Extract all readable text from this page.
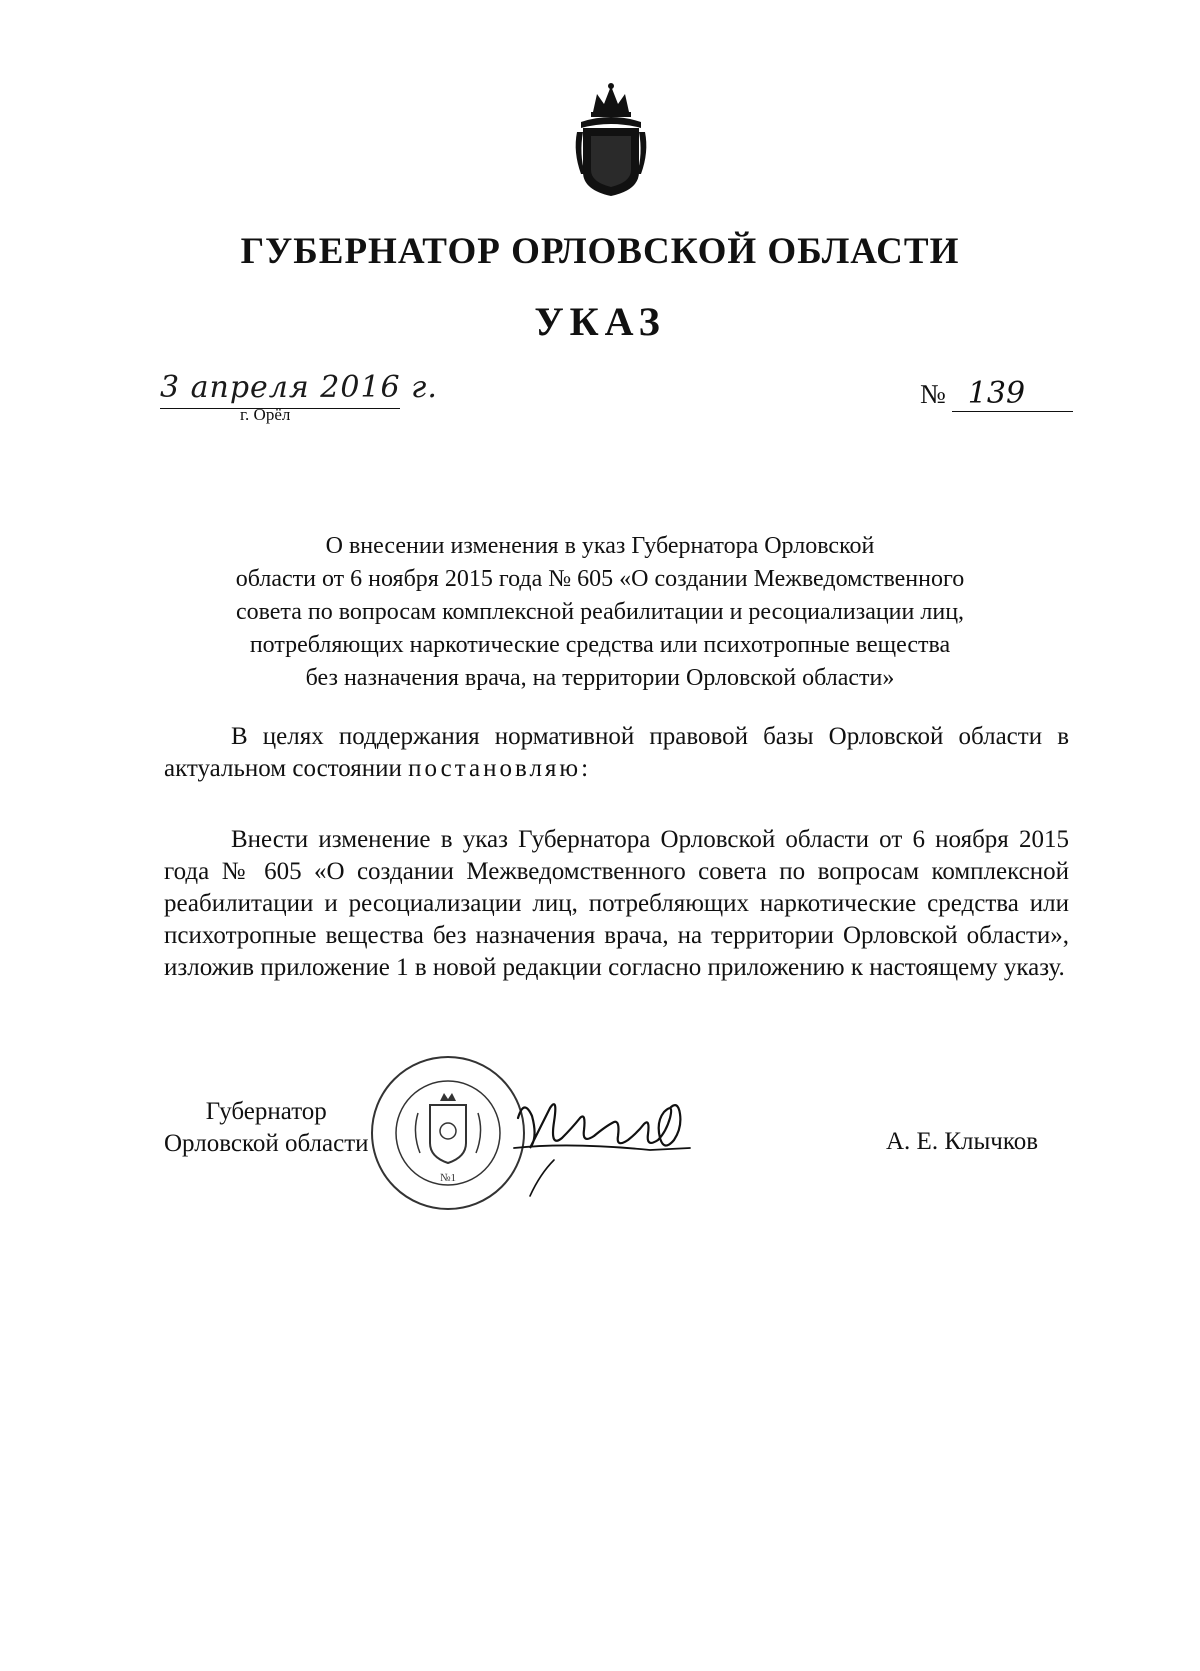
ГУБЕРНАТОР ОРЛОВСКОЙ ОБЛАСТИ
УКАЗ
3 апреля 2016 г.
г. Орёл
№ 139
О внесении изменения в указ Губернатора Орловской
области от 6 ноября 2015 года № 605 «О создании Межведомственного
совета по вопросам комплексной реабилитации и ресоциализации лиц,
потребляющих наркотические средства или психотропные вещества
без назначения врача, на территории Орловской области»
В целях поддержания нормативной правовой базы Орловской области в актуальном состоянии постановляю:
Внести изменение в указ Губернатора Орловской области от 6 ноября 2015 года № 605 «О создании Межведомственного совета по вопросам комплексной реабилитации и ресоциализации лиц, потребляющих наркотические средства или психотропные вещества без назначения врача, на территории Орловской области», изложив приложение 1 в новой редакции согласно приложению к настоящему указу.
Губернатор
Орловской области
№1
А. Е. Клычков
